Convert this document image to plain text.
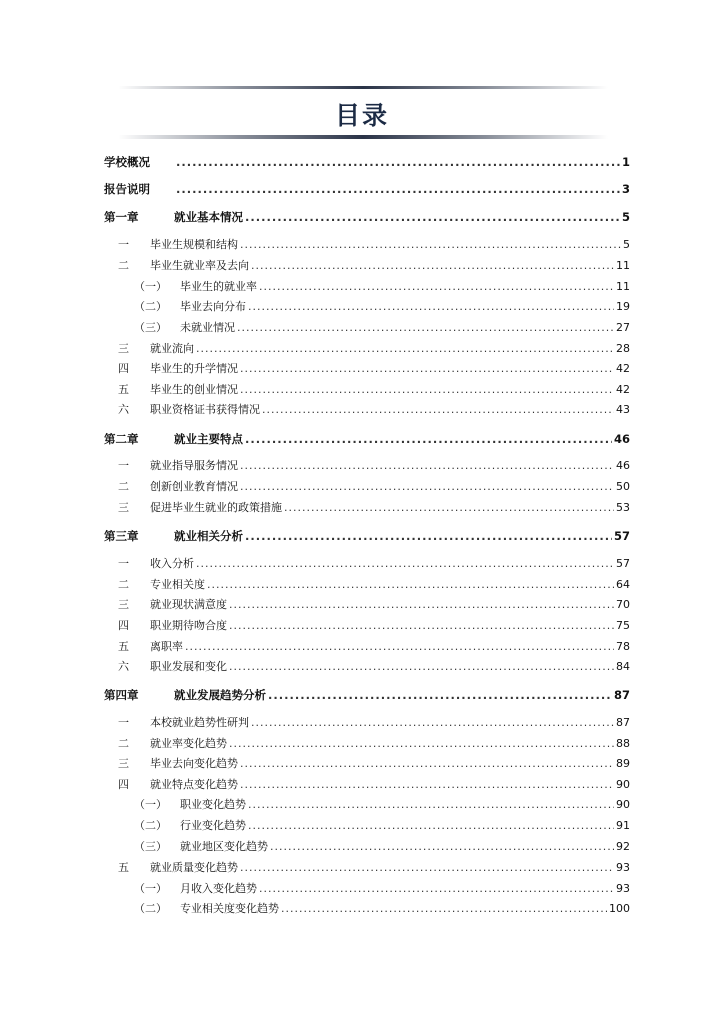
目录
学校概况 .....	1
报告说明 .....	3
第一章	就业基本情况 .....	5
一	毕业生规模和结构 .....	5
二	毕业生就业率及去向 .....	11
（一）	毕业生的就业率 .....	11
（二）	毕业去向分布 .....	19
（三）	未就业情况 .....	27
三	就业流向 .....	28
四	毕业生的升学情况 .....	42
五	毕业生的创业情况 .....	42
六	职业资格证书获得情况 .....	43
第二章	就业主要特点 .....	46
一	就业指导服务情况 .....	46
二	创新创业教育情况 .....	50
三	促进毕业生就业的政策措施 .....	53
第三章	就业相关分析 .....	57
一	收入分析 .....	57
二	专业相关度 .....	64
三	就业现状满意度 .....	70
四	职业期待吻合度 .....	75
五	离职率 .....	78
六	职业发展和变化 .....	84
第四章	就业发展趋势分析 .....	87
一	本校就业趋势性研判 .....	87
二	就业率变化趋势 .....	88
三	毕业去向变化趋势 .....	89
四	就业特点变化趋势 .....	90
（一）	职业变化趋势 .....	90
（二）	行业变化趋势 .....	91
（三）	就业地区变化趋势 .....	92
五	就业质量变化趋势 .....	93
（一）	月收入变化趋势 .....	93
（二）	专业相关度变化趋势 .....	100
